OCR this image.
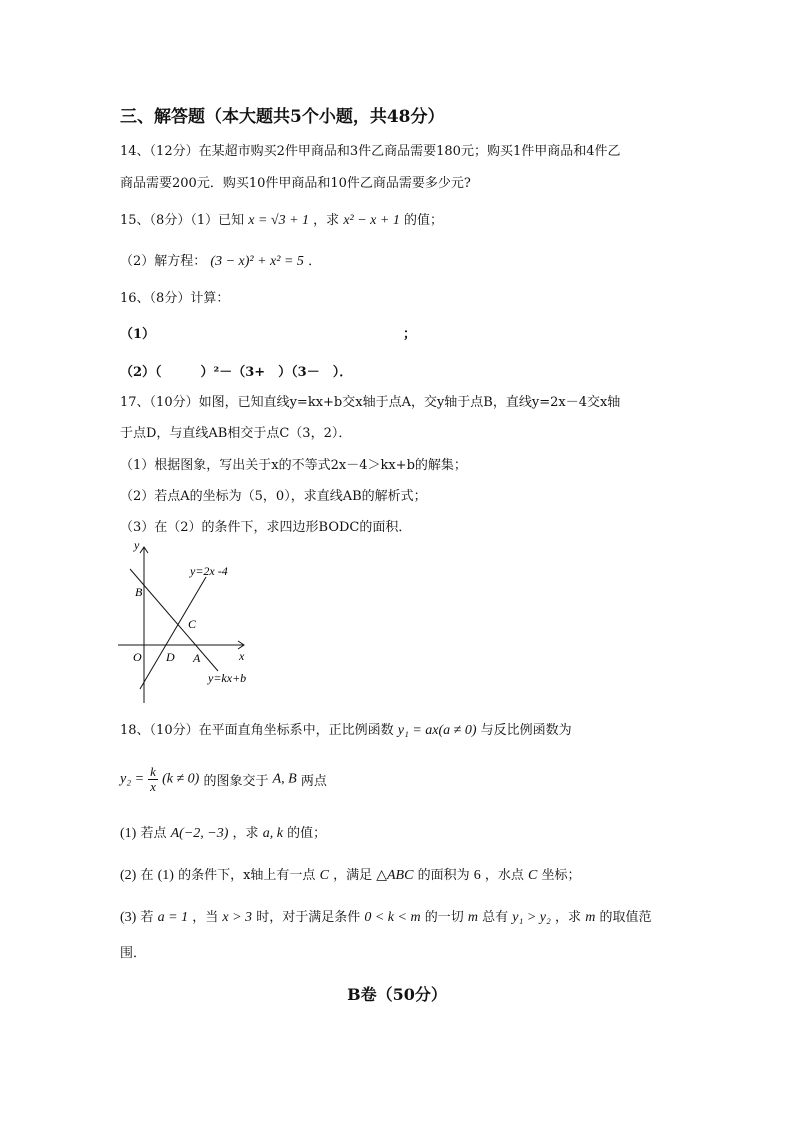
三、解答题（本大题共5个小题，共48分）
14、（12分）在某超市购买2件甲商品和3件乙商品需要180元；购买1件甲商品和4件乙
商品需要200元．购买10件甲商品和10件乙商品需要多少元?
15、（8分）（1）已知 x = √3 + 1 ，求 x² − x + 1 的值；
（2）解方程： (3 − x)² + x² = 5 ．
16、（8分）计算：
（1）	；
（2）（　　　）²－（3+　）（3－　）．
17、（10分）如图，已知直线y=kx+b交x轴于点A，交y轴于点B，直线y=2x－4交x轴
于点D，与直线AB相交于点C（3，2）．
（1）根据图象，写出关于x的不等式2x－4＞kx+b的解集；
（2）若点A的坐标为（5，0），求直线AB的解析式；
（3）在（2）的条件下，求四边形BODC的面积．
y
x
O
B
C
D A
y=2x -4
y=kx+b
18、（10分）在平面直角坐标系中，正比例函数 y₁ = ax(a ≠ 0) 与反比例函数为
$y_2 = \frac{k}{x} (k \ne 0)$ 的图象交于 A, B 两点
(1) 若点 A(−2, −3) ，求 a, k 的值；
(2) 在 (1) 的条件下，x轴上有一点 C ，满足 △ABC 的面积为 6 ，水点 C 坐标；
(3) 若 a = 1 ，当 x > 3 时，对于满足条件 0 < k < m 的一切 m 总有 y₁ > y₂ ，求 m 的取值范
围．
B卷（50分）
